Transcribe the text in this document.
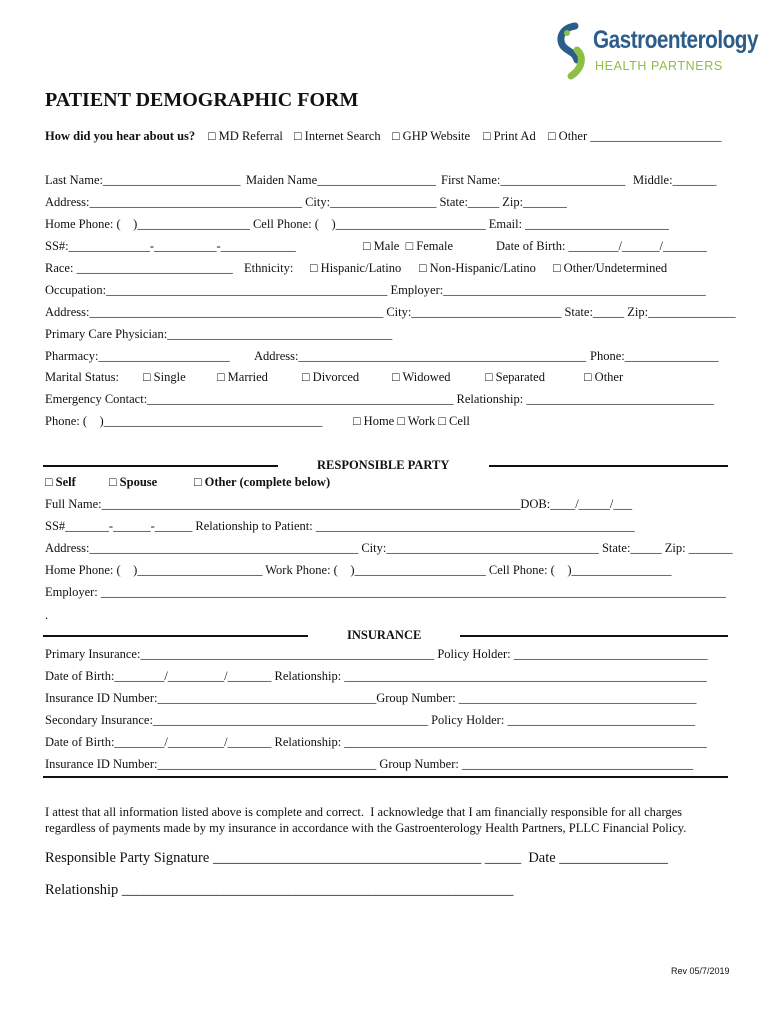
Gastroenterology
HEALTH PARTNERS
PATIENT DEMOGRAPHIC FORM
How did you hear about us? □ MD Referral □ Internet Search □ GHP Website □ Print Ad □ Other _____________________
Last Name:______________________ Maiden Name___________________ First Name:____________________ Middle:_______
Address:__________________________________ City:_________________ State:_____ Zip:_______
Home Phone: (    )__________________ Cell Phone: (    )________________________ Email: _______________________
SS#:_____________-__________-____________	□ Male  □ Female	Date of Birth: ________/______/_______
Race: _________________________ Ethnicity: □ Hispanic/Latino □ Non-Hispanic/Latino □ Other/Undetermined
Occupation:_____________________________________________ Employer:__________________________________________
Address:_______________________________________________ City:________________________ State:_____ Zip:______________
Primary Care Physician:____________________________________
Pharmacy:_____________________ Address:______________________________________________ Phone:_______________
Marital Status: □ Single	□ Married	□ Divorced	□ Widowed	□ Separated	□ Other
Emergency Contact:_________________________________________________ Relationship: ______________________________
Phone: (    )___________________________________ □ Home □ Work □ Cell
RESPONSIBLE PARTY
□ Self	□ Spouse	□ Other (complete below)
Full Name:___________________________________________________________________DOB:____/_____/___
SS#_______-______-______ Relationship to Patient: ___________________________________________________
Address:___________________________________________ City:__________________________________ State:_____ Zip: _______
Home Phone: (    )____________________ Work Phone: (    )_____________________ Cell Phone: (    )________________
Employer: ____________________________________________________________________________________________________
.
INSURANCE
Primary Insurance:_______________________________________________ Policy Holder: _______________________________
Date of Birth:________/_________/_______ Relationship: __________________________________________________________
Insurance ID Number:___________________________________Group Number: ______________________________________
Secondary Insurance:____________________________________________ Policy Holder: ______________________________
Date of Birth:________/_________/_______ Relationship: __________________________________________________________
Insurance ID Number:___________________________________ Group Number: _____________________________________
I attest that all information listed above is complete and correct.  I acknowledge that I am financially responsible for all charges
regardless of payments made by my insurance in accordance with the Gastroenterology Health Partners, PLLC Financial Policy.
Responsible Party Signature _____________________________________ _____  Date _______________
Relationship ______________________________________________________
Rev 05/7/2019
